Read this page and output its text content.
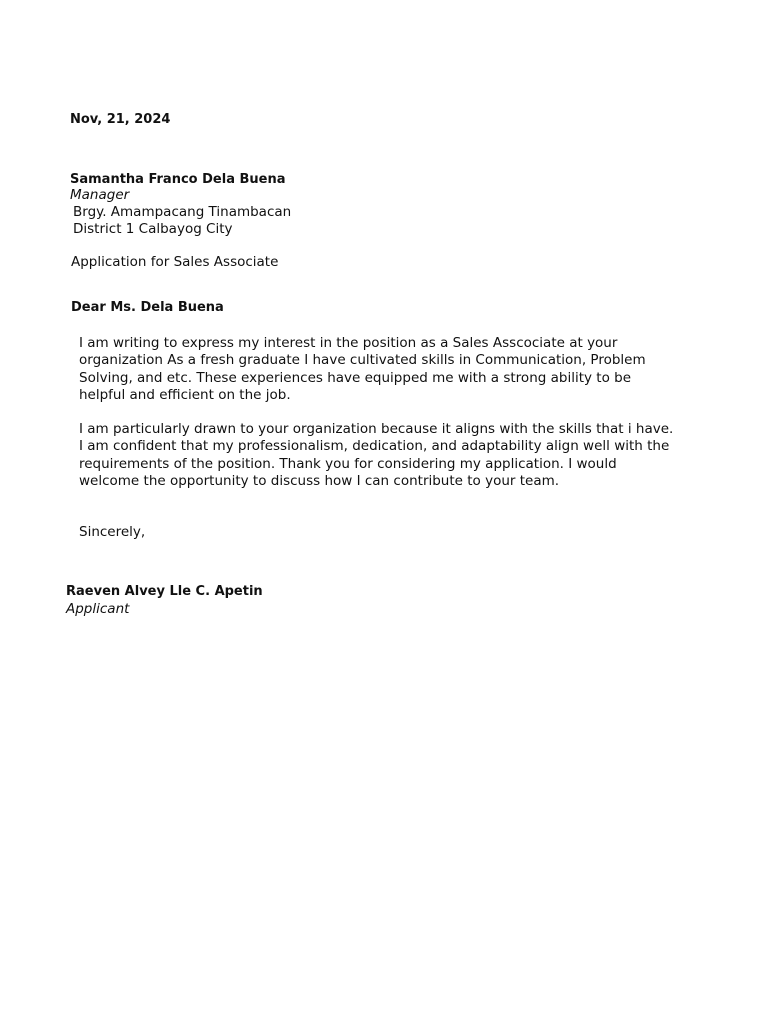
Nov, 21, 2024
Samantha Franco Dela Buena
Manager
Brgy. Amampacang Tinambacan
District 1 Calbayog City
Application for Sales Associate
Dear Ms. Dela Buena
I am writing to express my interest in the position as a Sales Asscociate at your
organization As a fresh graduate I have cultivated skills in Communication, Problem
Solving, and etc. These experiences have equipped me with a strong ability to be
helpful and efficient on the job.
I am particularly drawn to your organization because it aligns with the skills that i have.
I am confident that my professionalism, dedication, and adaptability align well with the
requirements of the position. Thank you for considering my application. I would
welcome the opportunity to discuss how I can contribute to your team.
Sincerely,
Raeven Alvey Lle C. Apetin
Applicant
